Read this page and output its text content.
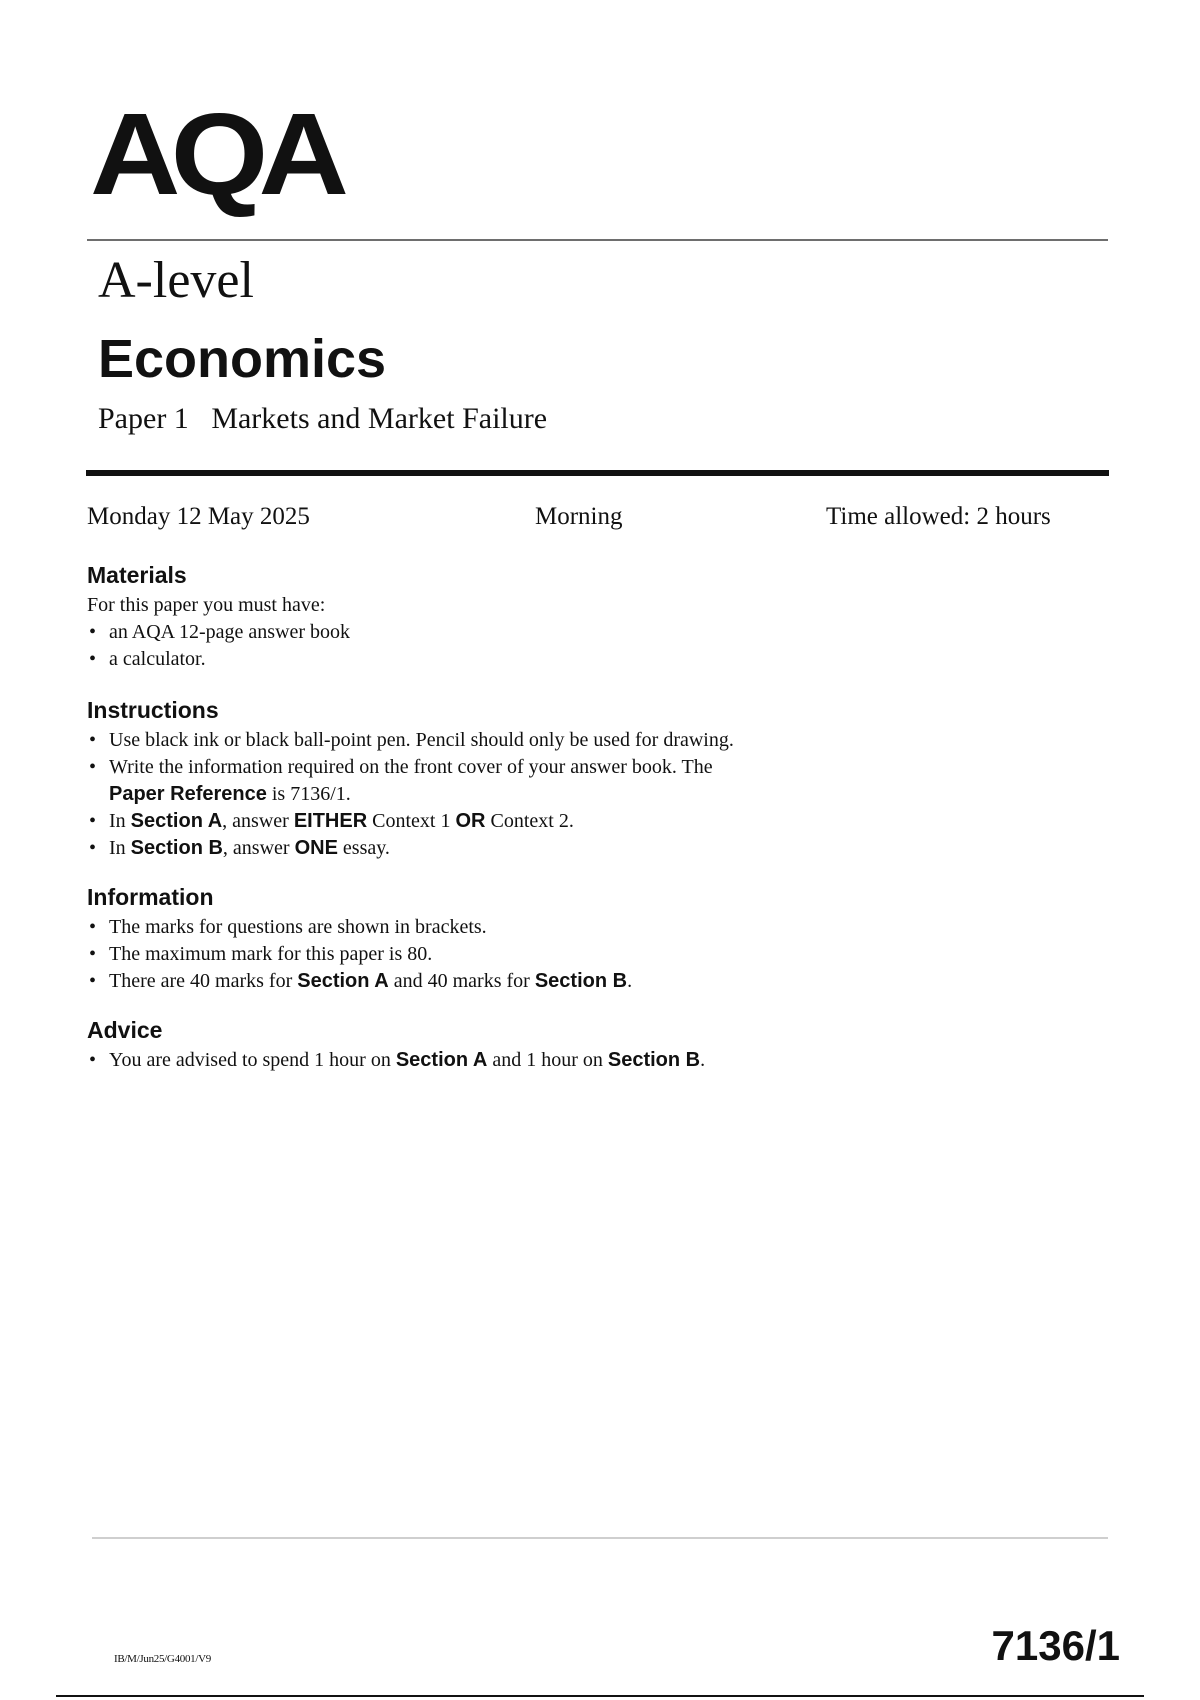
AQA
A-level
Economics
Paper 1 Markets and Market Failure
Monday 12 May 2025	Morning	Time allowed: 2 hours
Materials

For this paper you must have:

• an AQA 12-page answer book
• a calculator.
Instructions
• Use black ink or black ball-point pen. Pencil should only be used for drawing.
• Write the information required on the front cover of your answer book. The
Paper Reference is 7136/1.
• In Section A, answer EITHER Context 1 OR Context 2.
• In Section B, answer ONE essay.
Information
• The marks for questions are shown in brackets.
• The maximum mark for this paper is 80.
• There are 40 marks for Section A and 40 marks for Section B.
Advice
• You are advised to spend 1 hour on Section A and 1 hour on Section B.
IB/M/Jun25/G4001/V9	7136/1
